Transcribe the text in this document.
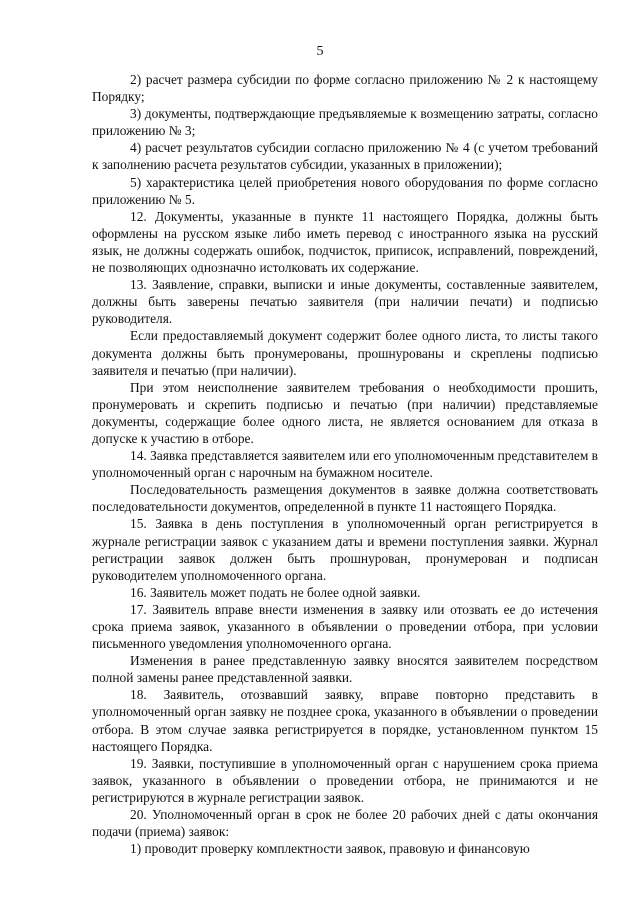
5

2) расчет размера субсидии по форме согласно приложению № 2 к настоящему Порядку;

3) документы, подтверждающие предъявляемые к возмещению затраты, согласно приложению № 3;

4) расчет результатов субсидии согласно приложению № 4 (с учетом требований к заполнению расчета результатов субсидии, указанных в приложении);

5) характеристика целей приобретения нового оборудования по форме согласно приложению № 5.

12. Документы, указанные в пункте 11 настоящего Порядка, должны быть оформлены на русском языке либо иметь перевод с иностранного языка на русский язык, не должны содержать ошибок, подчисток, приписок, исправлений, повреждений, не позволяющих однозначно истолковать их содержание.

13. Заявление, справки, выписки и иные документы, составленные заявителем, должны быть заверены печатью заявителя (при наличии печати) и подписью руководителя.

Если предоставляемый документ содержит более одного листа, то листы такого документа должны быть пронумерованы, прошнурованы и скреплены подписью заявителя и печатью (при наличии).

При этом неисполнение заявителем требования о необходимости прошить, пронумеровать и скрепить подписью и печатью (при наличии) представляемые документы, содержащие более одного листа, не является основанием для отказа в допуске к участию в отборе.

14. Заявка представляется заявителем или его уполномоченным представителем в уполномоченный орган с нарочным на бумажном носителе.

Последовательность размещения документов в заявке должна соответствовать последовательности документов, определенной в пункте 11 настоящего Порядка.

15. Заявка в день поступления в уполномоченный орган регистрируется в журнале регистрации заявок с указанием даты и времени поступления заявки. Журнал регистрации заявок должен быть прошнурован, пронумерован и подписан руководителем уполномоченного органа.

16. Заявитель может подать не более одной заявки.

17. Заявитель вправе внести изменения в заявку или отозвать ее до истечения срока приема заявок, указанного в объявлении о проведении отбора, при условии письменного уведомления уполномоченного органа.

Изменения в ранее представленную заявку вносятся заявителем посредством полной замены ранее представленной заявки.

18. Заявитель, отозвавший заявку, вправе повторно представить в уполномоченный орган заявку не позднее срока, указанного в объявлении о проведении отбора. В этом случае заявка регистрируется в порядке, установленном пунктом 15 настоящего Порядка.

19. Заявки, поступившие в уполномоченный орган с нарушением срока приема заявок, указанного в объявлении о проведении отбора, не принимаются и не регистрируются в журнале регистрации заявок.

20. Уполномоченный орган в срок не более 20 рабочих дней с даты окончания подачи (приема) заявок:

1) проводит проверку комплектности заявок, правовую и финансовую
